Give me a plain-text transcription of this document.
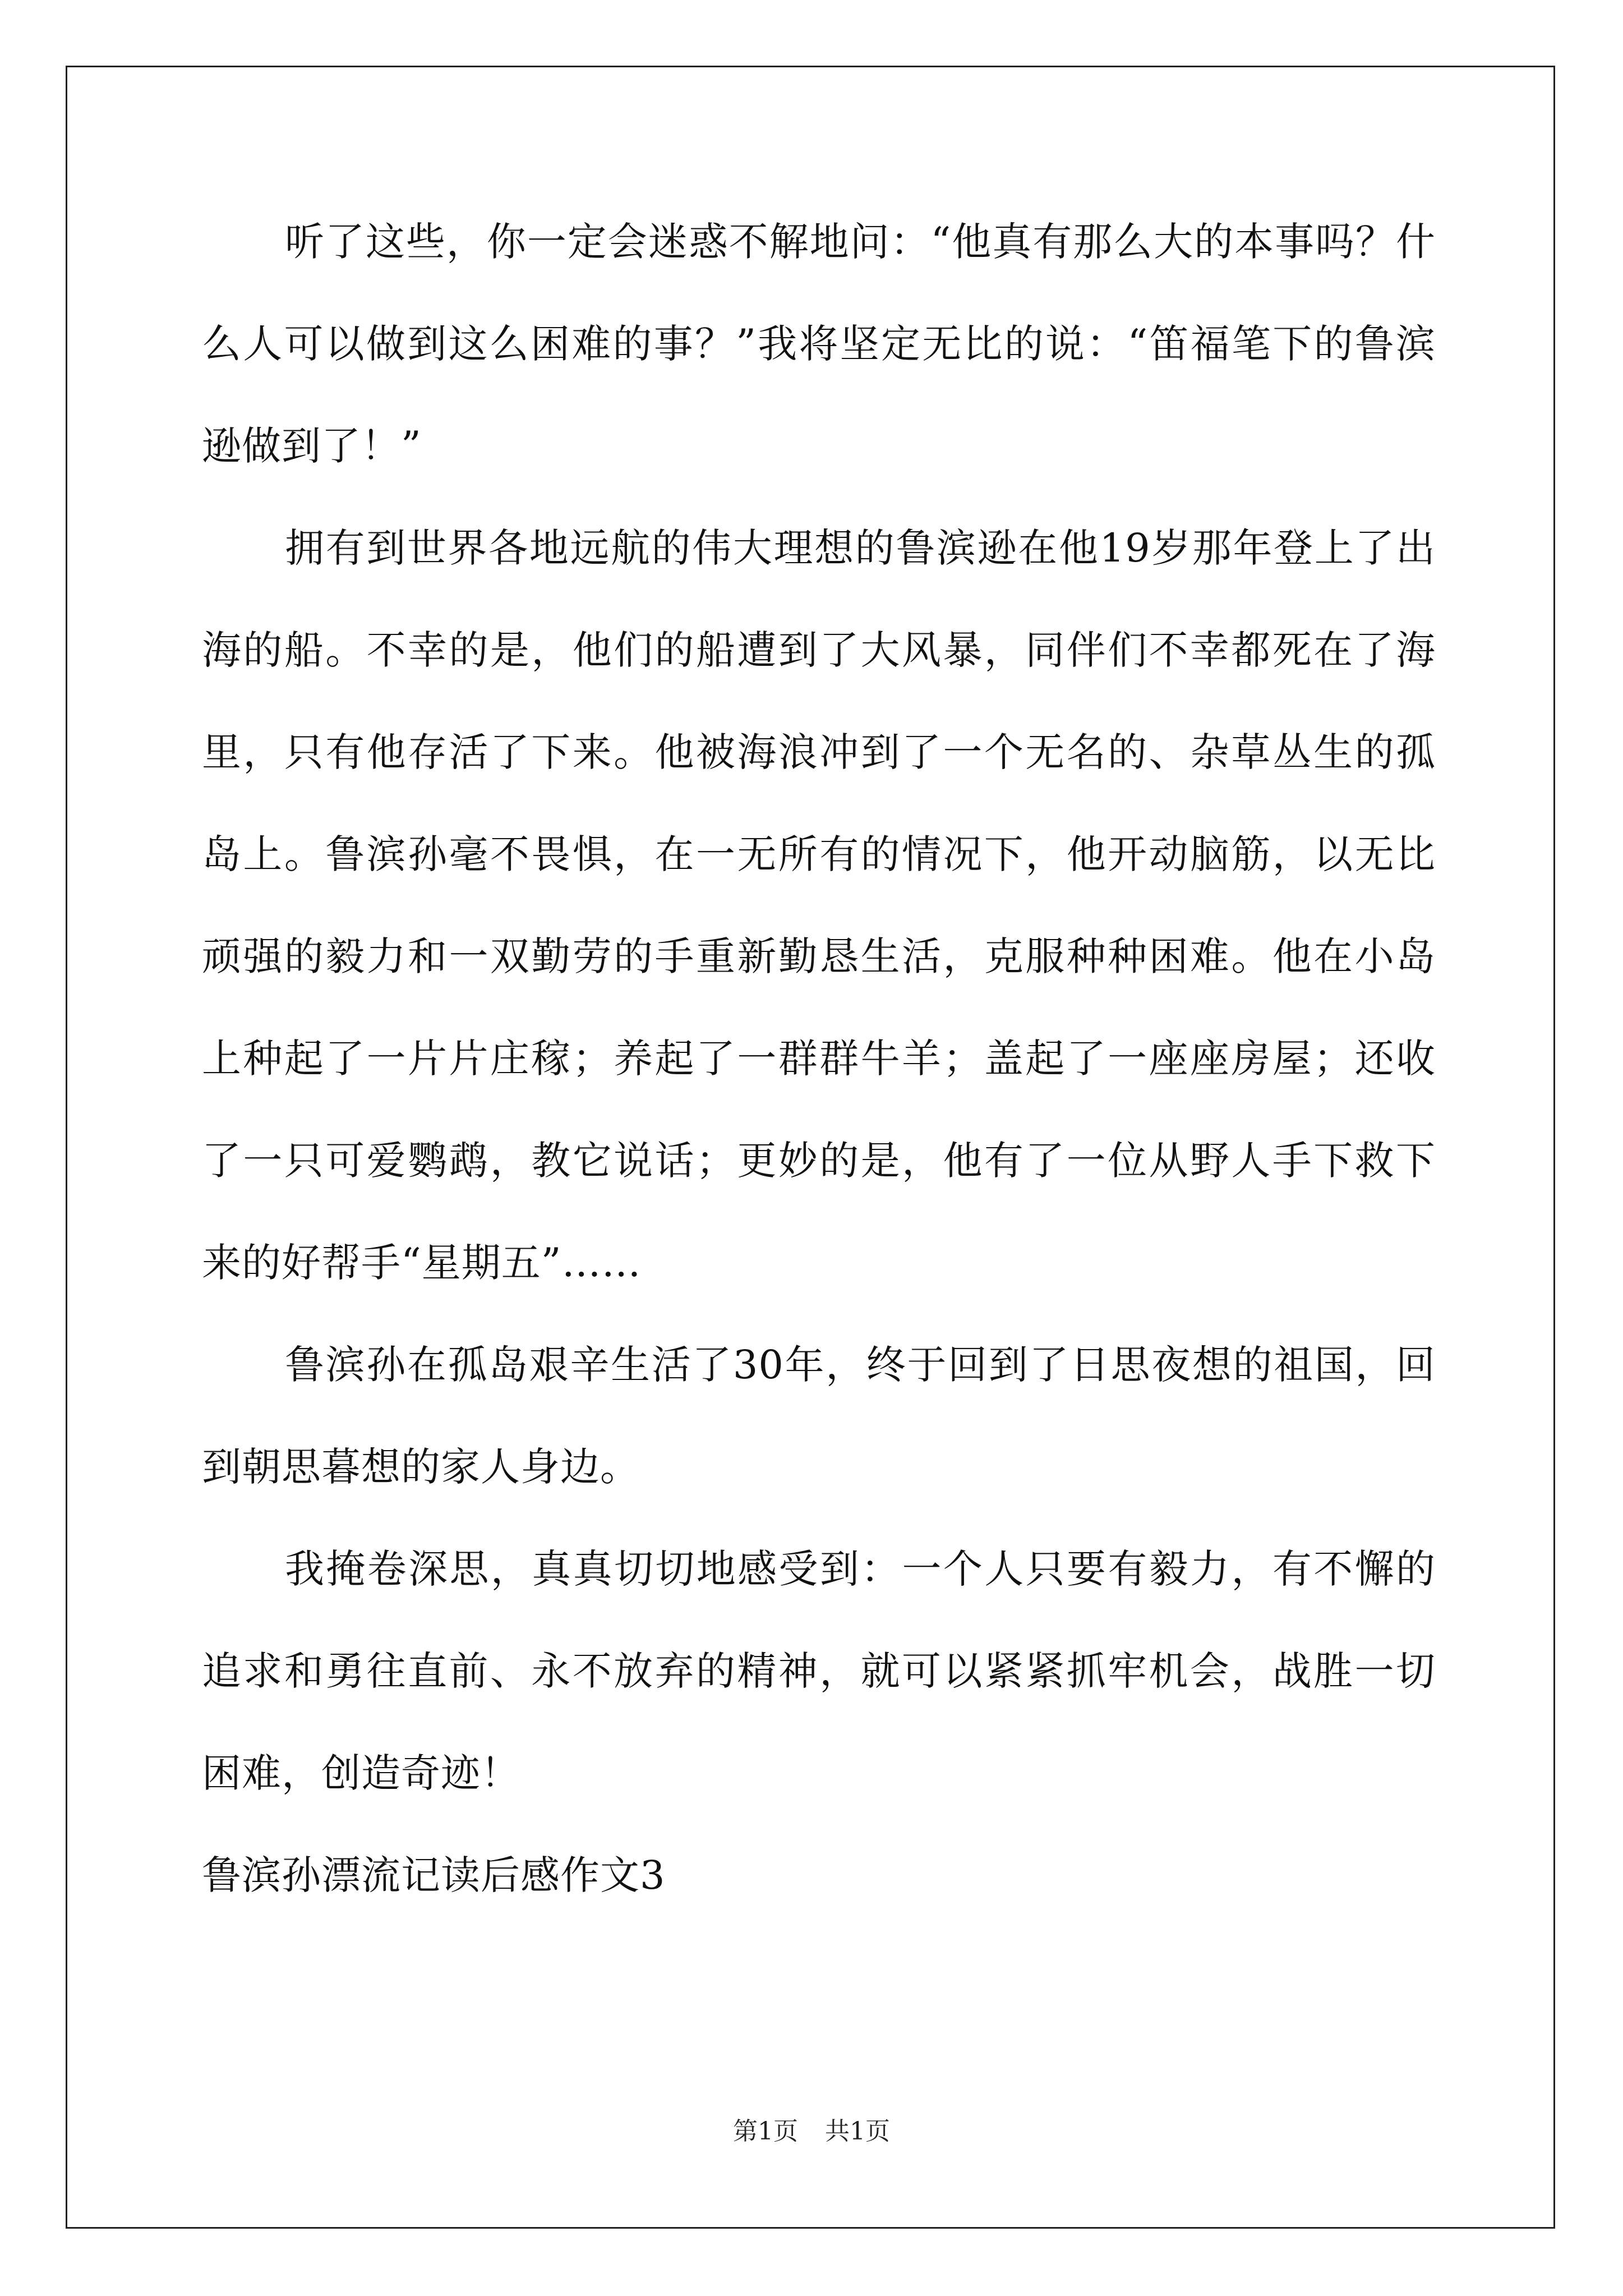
听了这些，你一定会迷惑不解地问：“他真有那么大的本事吗？什么人可以做到这么困难的事？”我将坚定无比的说：“笛福笔下的鲁滨逊做到了！”

拥有到世界各地远航的伟大理想的鲁滨逊在他19岁那年登上了出海的船。不幸的是，他们的船遭到了大风暴，同伴们不幸都死在了海里，只有他存活了下来。他被海浪冲到了一个无名的、杂草丛生的孤岛上。鲁滨孙毫不畏惧，在一无所有的情况下，他开动脑筋，以无比顽强的毅力和一双勤劳的手重新勤恳生活，克服种种困难。他在小岛上种起了一片片庄稼；养起了一群群牛羊；盖起了一座座房屋；还收了一只可爱鹦鹉，教它说话；更妙的是，他有了一位从野人手下救下来的好帮手“星期五”……

鲁滨孙在孤岛艰辛生活了30年，终于回到了日思夜想的祖国，回到朝思暮想的家人身边。

我掩卷深思，真真切切地感受到：一个人只要有毅力，有不懈的追求和勇往直前、永不放弃的精神，就可以紧紧抓牢机会，战胜一切困难，创造奇迹！

鲁滨孙漂流记读后感作文3

第1页 共1页
